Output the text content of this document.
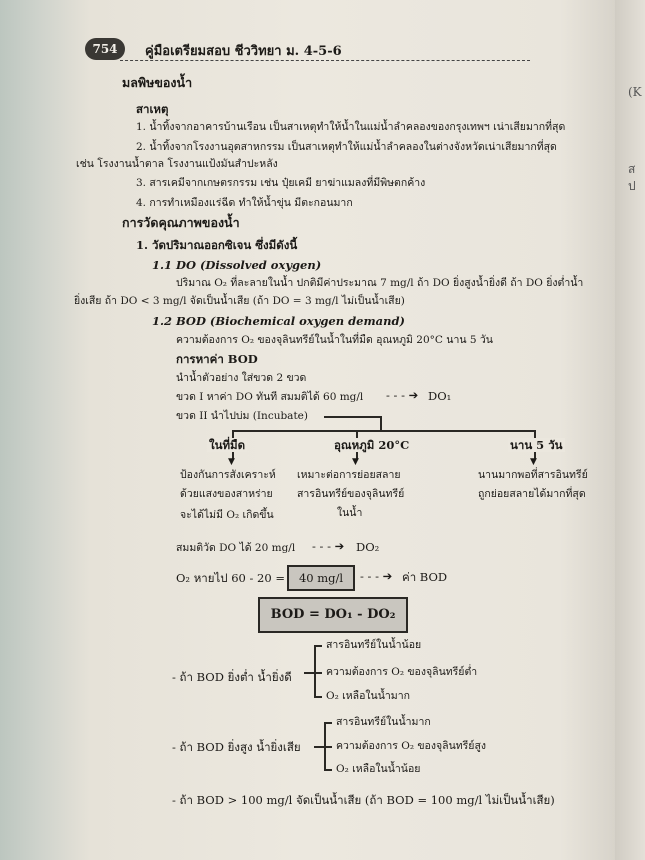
754	คู่มือเตรียมสอบ ชีววิทยา ม. 4-5-6
(K
ส
ป
มลพิษของน้ำ
สาเหตุ
1. น้ำทิ้งจากอาคารบ้านเรือน เป็นสาเหตุทำให้น้ำในแม่น้ำลำคลองของกรุงเทพฯ เน่าเสียมากที่สุด
2. น้ำทิ้งจากโรงงานอุตสาหกรรม เป็นสาเหตุทำให้แม่น้ำลำคลองในต่างจังหวัดเน่าเสียมากที่สุด
เช่น โรงงานน้ำตาล โรงงานแป้งมันสำปะหลัง
3. สารเคมีจากเกษตรกรรม เช่น ปุ๋ยเคมี ยาฆ่าแมลงที่มีพิษตกค้าง
4. การทำเหมืองแร่ฉีด ทำให้น้ำขุ่น มีตะกอนมาก
การวัดคุณภาพของน้ำ
1. วัดปริมาณออกซิเจน ซึ่งมีดังนี้
1.1 DO (Dissolved oxygen)
ปริมาณ O₂ ที่ละลายในน้ำ ปกติมีค่าประมาณ 7 mg/l ถ้า DO ยิ่งสูงน้ำยิ่งดี ถ้า DO ยิ่งต่ำน้ำ
ยิ่งเสีย ถ้า DO < 3 mg/l จัดเป็นน้ำเสีย (ถ้า DO = 3 mg/l ไม่เป็นน้ำเสีย)
1.2 BOD (Biochemical oxygen demand)
ความต้องการ O₂ ของจุลินทรีย์ในน้ำในที่มืด อุณหภูมิ 20°C นาน 5 วัน
การหาค่า BOD
นำน้ำตัวอย่าง ใส่ขวด 2 ขวด
ขวด I หาค่า DO ทันที สมมติได้ 60 mg/l - - - ➔ DO₁
ขวด II นำไปบ่ม (Incubate)
ในที่มืด	อุณหภูมิ 20°C	นาน 5 วัน
▼	▼	▼
ป้องกันการสังเคราะห์
ด้วยแสงของสาหร่าย
จะได้ไม่มี O₂ เกิดขึ้น
เหมาะต่อการย่อยสลาย
สารอินทรีย์ของจุลินทรีย์
ในน้ำ
นานมากพอที่สารอินทรีย์
ถูกย่อยสลายได้มากที่สุด
สมมติวัด DO ได้ 20 mg/l - - - ➔ DO₂
O₂ หายไป 60 - 20 =	40 mg/l	- - - ➔ ค่า BOD
BOD = DO₁ - DO₂
- ถ้า BOD ยิ่งต่ำ น้ำยิ่งดี
สารอินทรีย์ในน้ำน้อย
ความต้องการ O₂ ของจุลินทรีย์ต่ำ
O₂ เหลือในน้ำมาก
- ถ้า BOD ยิ่งสูง น้ำยิ่งเสีย
สารอินทรีย์ในน้ำมาก
ความต้องการ O₂ ของจุลินทรีย์สูง
O₂ เหลือในน้ำน้อย
- ถ้า BOD > 100 mg/l จัดเป็นน้ำเสีย (ถ้า BOD = 100 mg/l ไม่เป็นน้ำเสีย)
